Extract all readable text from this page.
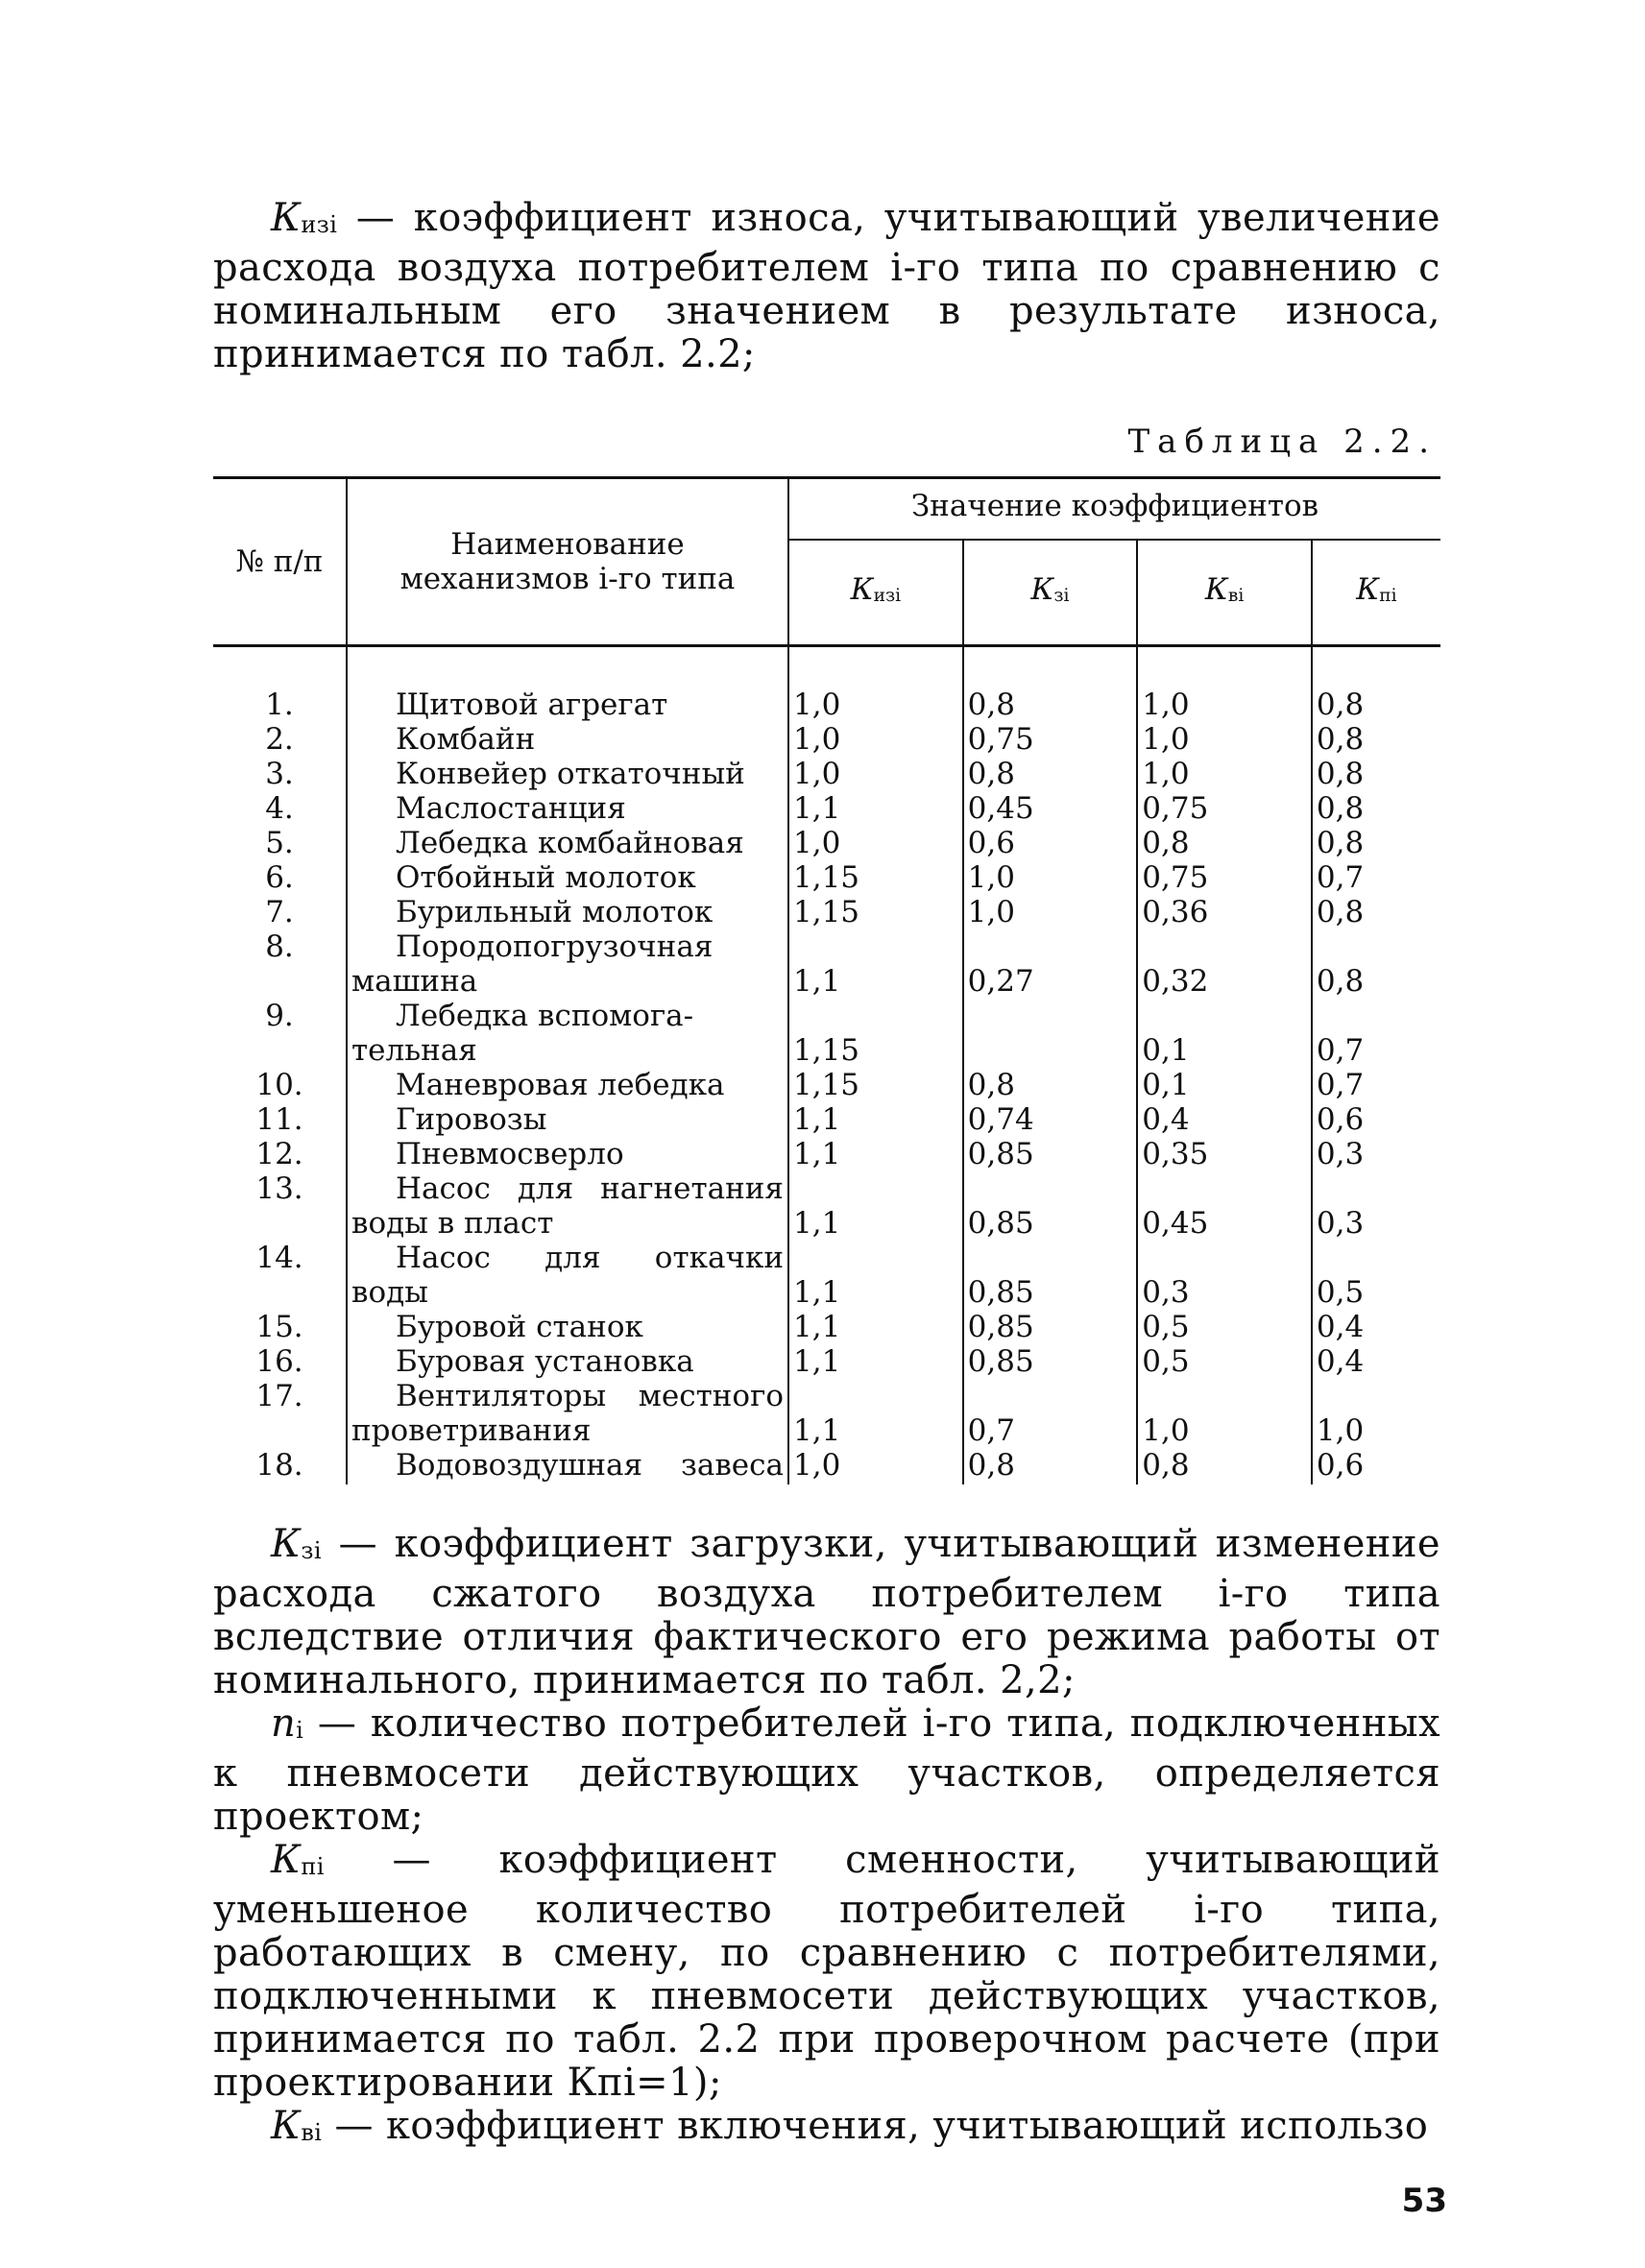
$К_{изi}$ — коэффициент износа, учитывающий увеличение расхода воздуха потребителем i-го типа по сравнению с номинальным его значением в результате износа, принимается по табл. 2.2;

Таблица 2.2.
№ п/п	Наименование механизмов i-го типа	Значение коэффициентов			
		$К_{изi}$	$К_{зi}$	$К_{вi}$	$К_{пi}$
1.	Щитовой агрегат	1,0	0,8	1,0	0,8
2.	Комбайн	1,0	0,75	1,0	0,8
3.	Конвейер откаточный	1,0	0,8	1,0	0,8
4.	Маслостанция	1,1	0,45	0,75	0,8
5.	Лебедка комбайновая	1,0	0,6	0,8	0,8
6.	Отбойный молоток	1,15	1,0	0,75	0,7
7.	Бурильный молоток	1,15	1,0	0,36	0,8
8.	Породопогрузочная				
	машина	1,1	0,27	0,32	0,8
9.	Лебедка вспомога-				
	тельная	1,15		0,1	0,7
10.	Маневровая лебедка	1,15	0,8	0,1	0,7
11.	Гировозы	1,1	0,74	0,4	0,6
12.	Пневмосверло	1,1	0,85	0,35	0,3
13.	Насос для нагнетания				
	воды в пласт	1,1	0,85	0,45	0,3
14.	Насос для откачки				
	воды	1,1	0,85	0,3	0,5
15.	Буровой станок	1,1	0,85	0,5	0,4
16.	Буровая установка	1,1	0,85	0,5	0,4
17.	Вентиляторы местного				
	проветривания	1,1	0,7	1,0	1,0
18.	Водовоздушная завеса	1,0	0,8	0,8	0,6

$К_{зi}$ — коэффициент загрузки, учитывающий изменение расхода сжатого воздуха потребителем i-го типа вследствие отличия фактического его режима работы от номинального, принимается по табл. 2,2;

$n_i$ — количество потребителей i-го типа, подключенных к пневмосети действующих участков, определяется проектом;

$К_{пi}$ — коэффициент сменности, учитывающий уменьшеное количество потребителей i-го типа, работающих в смену, по сравнению с потребителями, подключенными к пневмосети действующих участков, принимается по табл. 2.2 при проверочном расчете (при проектировании Кпi=1);

$К_{вi}$ — коэффициент включения, учитывающий использо

53
